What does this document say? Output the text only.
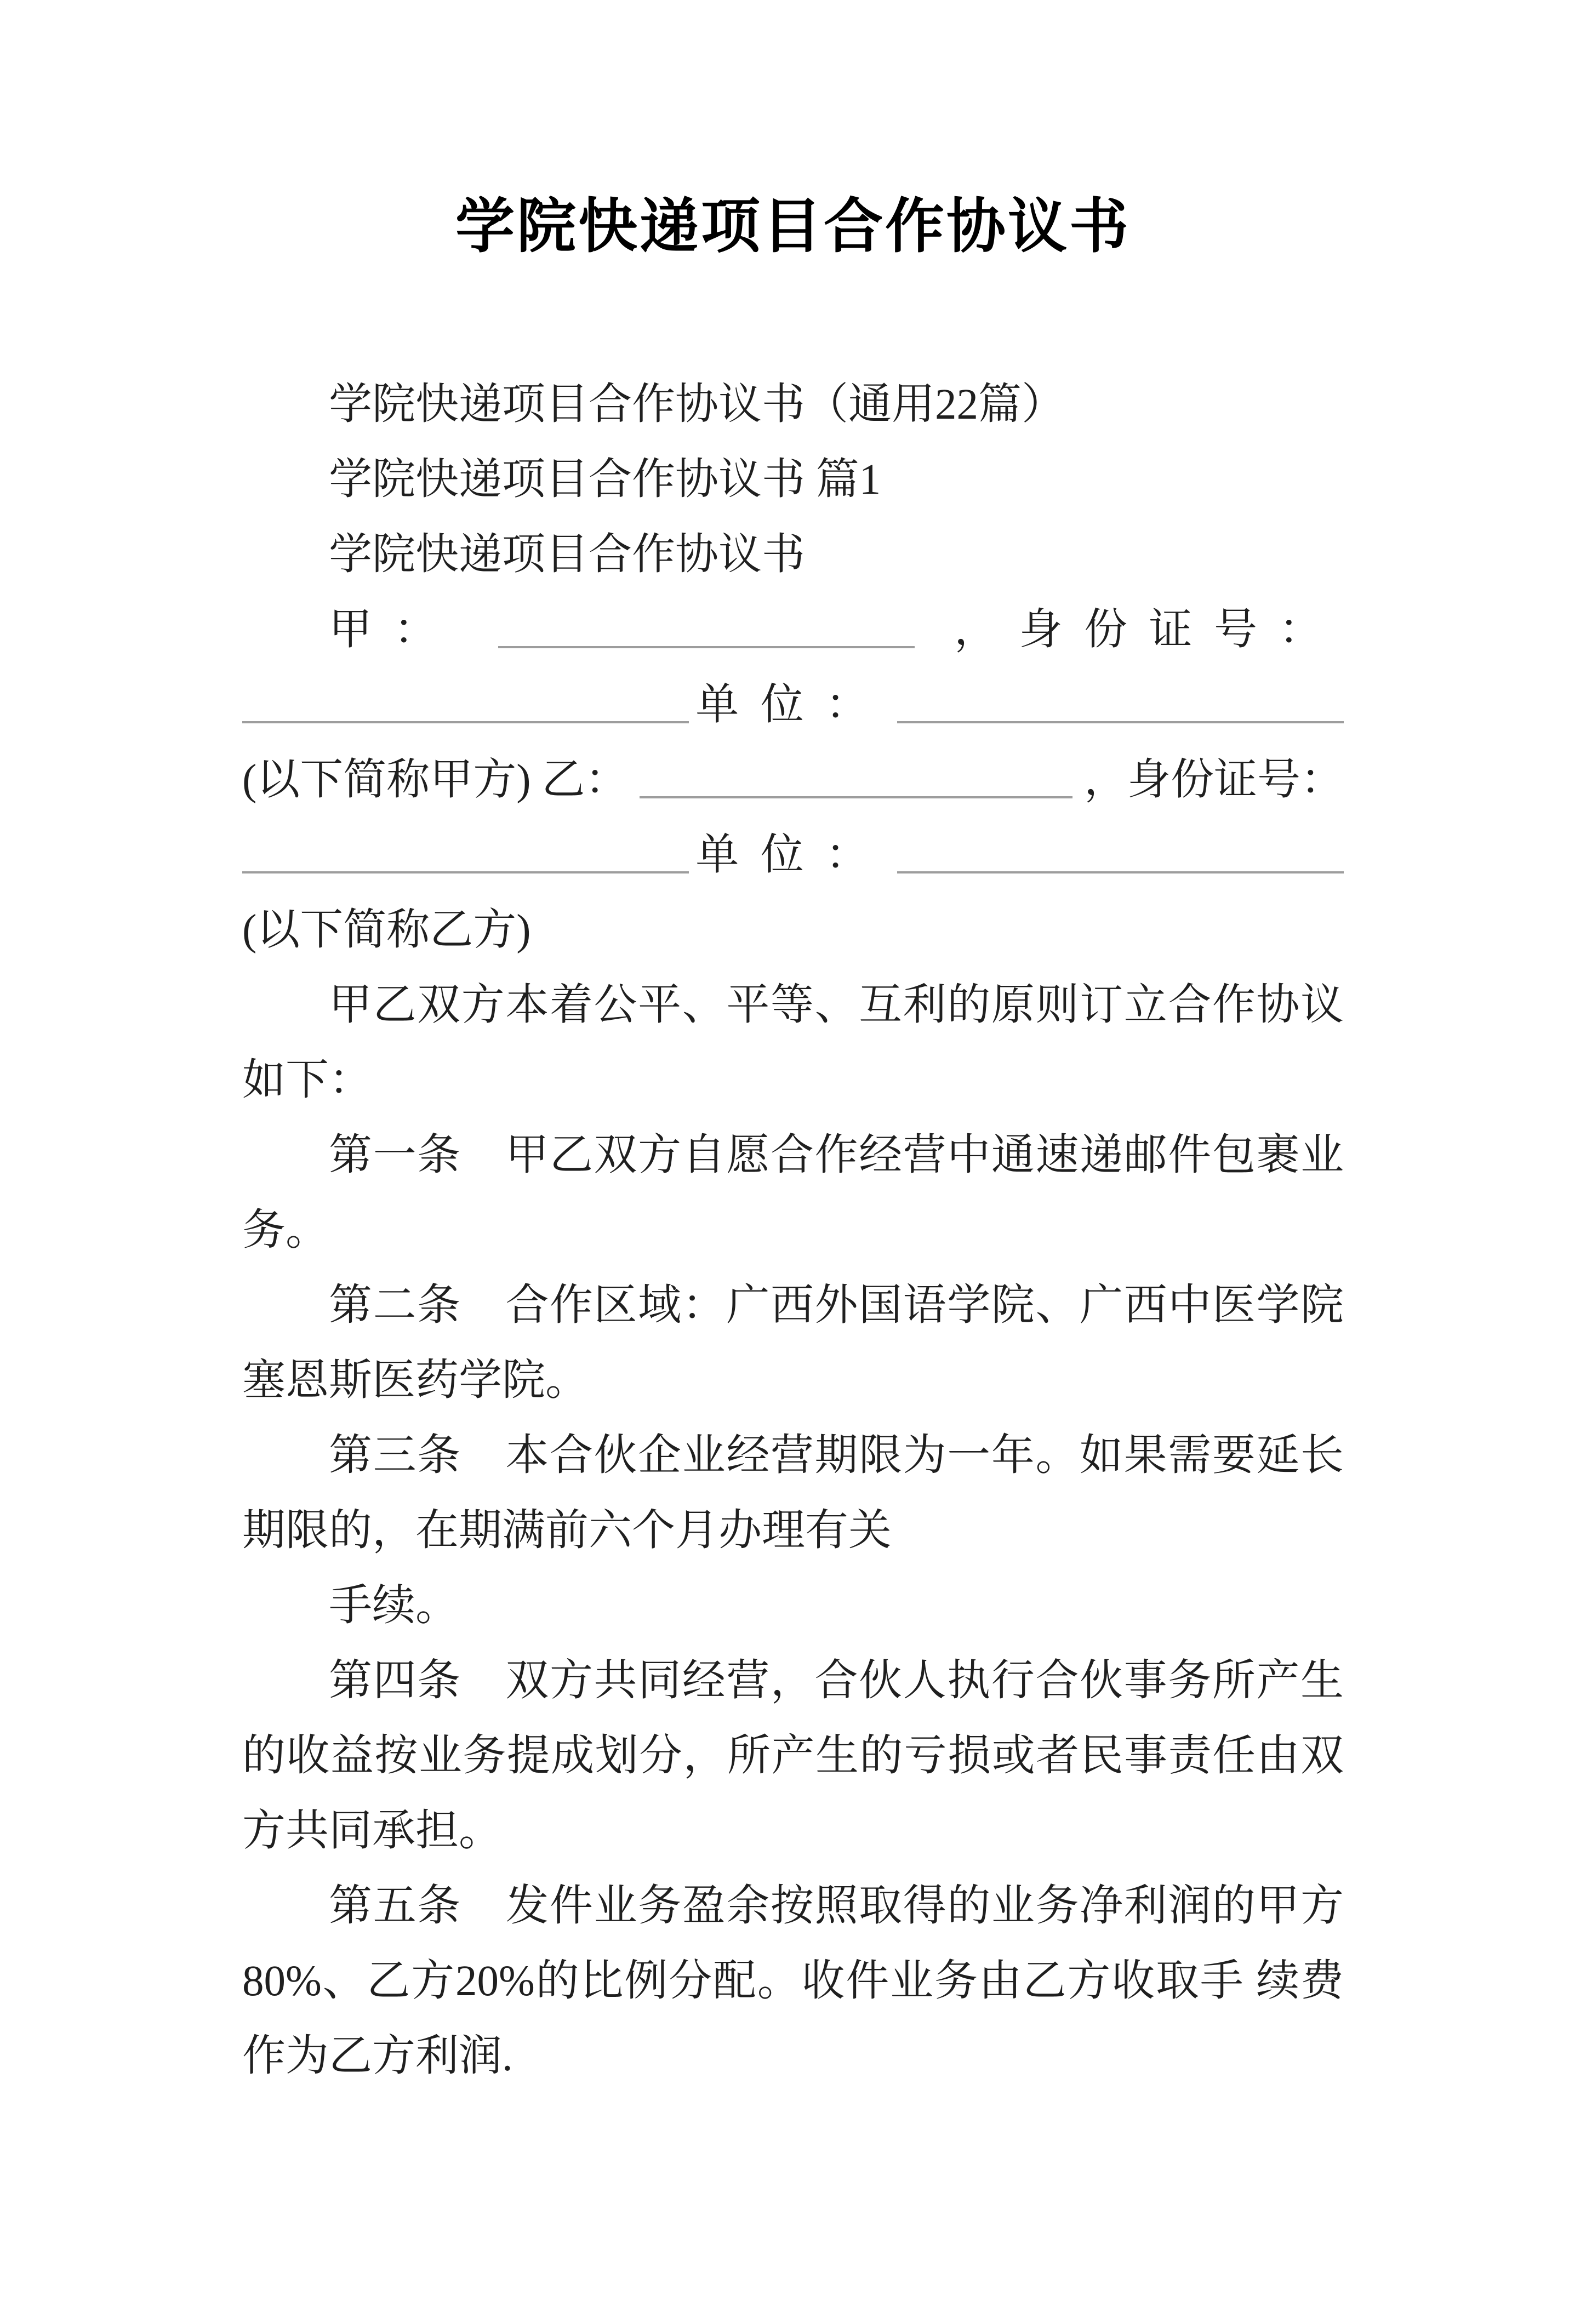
学院快递项目合作协议书

学院快递项目合作协议书（通用22篇）

学院快递项目合作协议书 篇1

学院快递项目合作协议书

甲：	，身份证号：
单位：
(以下简称甲方) 乙：	，身份证号：
单位：

(以下简称乙方)

甲乙双方本着公平、平等、互利的原则订立合作协议如下：

第一条　甲乙双方自愿合作经营中通速递邮件包裹业务。

第二条　合作区域：广西外国语学院、广西中医学院塞恩斯医药学院。

第三条　本合伙企业经营期限为一年。如果需要延长期限的，在期满前六个月办理有关

手续。

第四条　双方共同经营，合伙人执行合伙事务所产生的收益按业务提成划分，所产生的亏损或者民事责任由双方共同承担。

第五条　发件业务盈余按照取得的业务净利润的甲方80%、乙方20%的比例分配。收件业务由乙方收取手 续费作为乙方利润.
